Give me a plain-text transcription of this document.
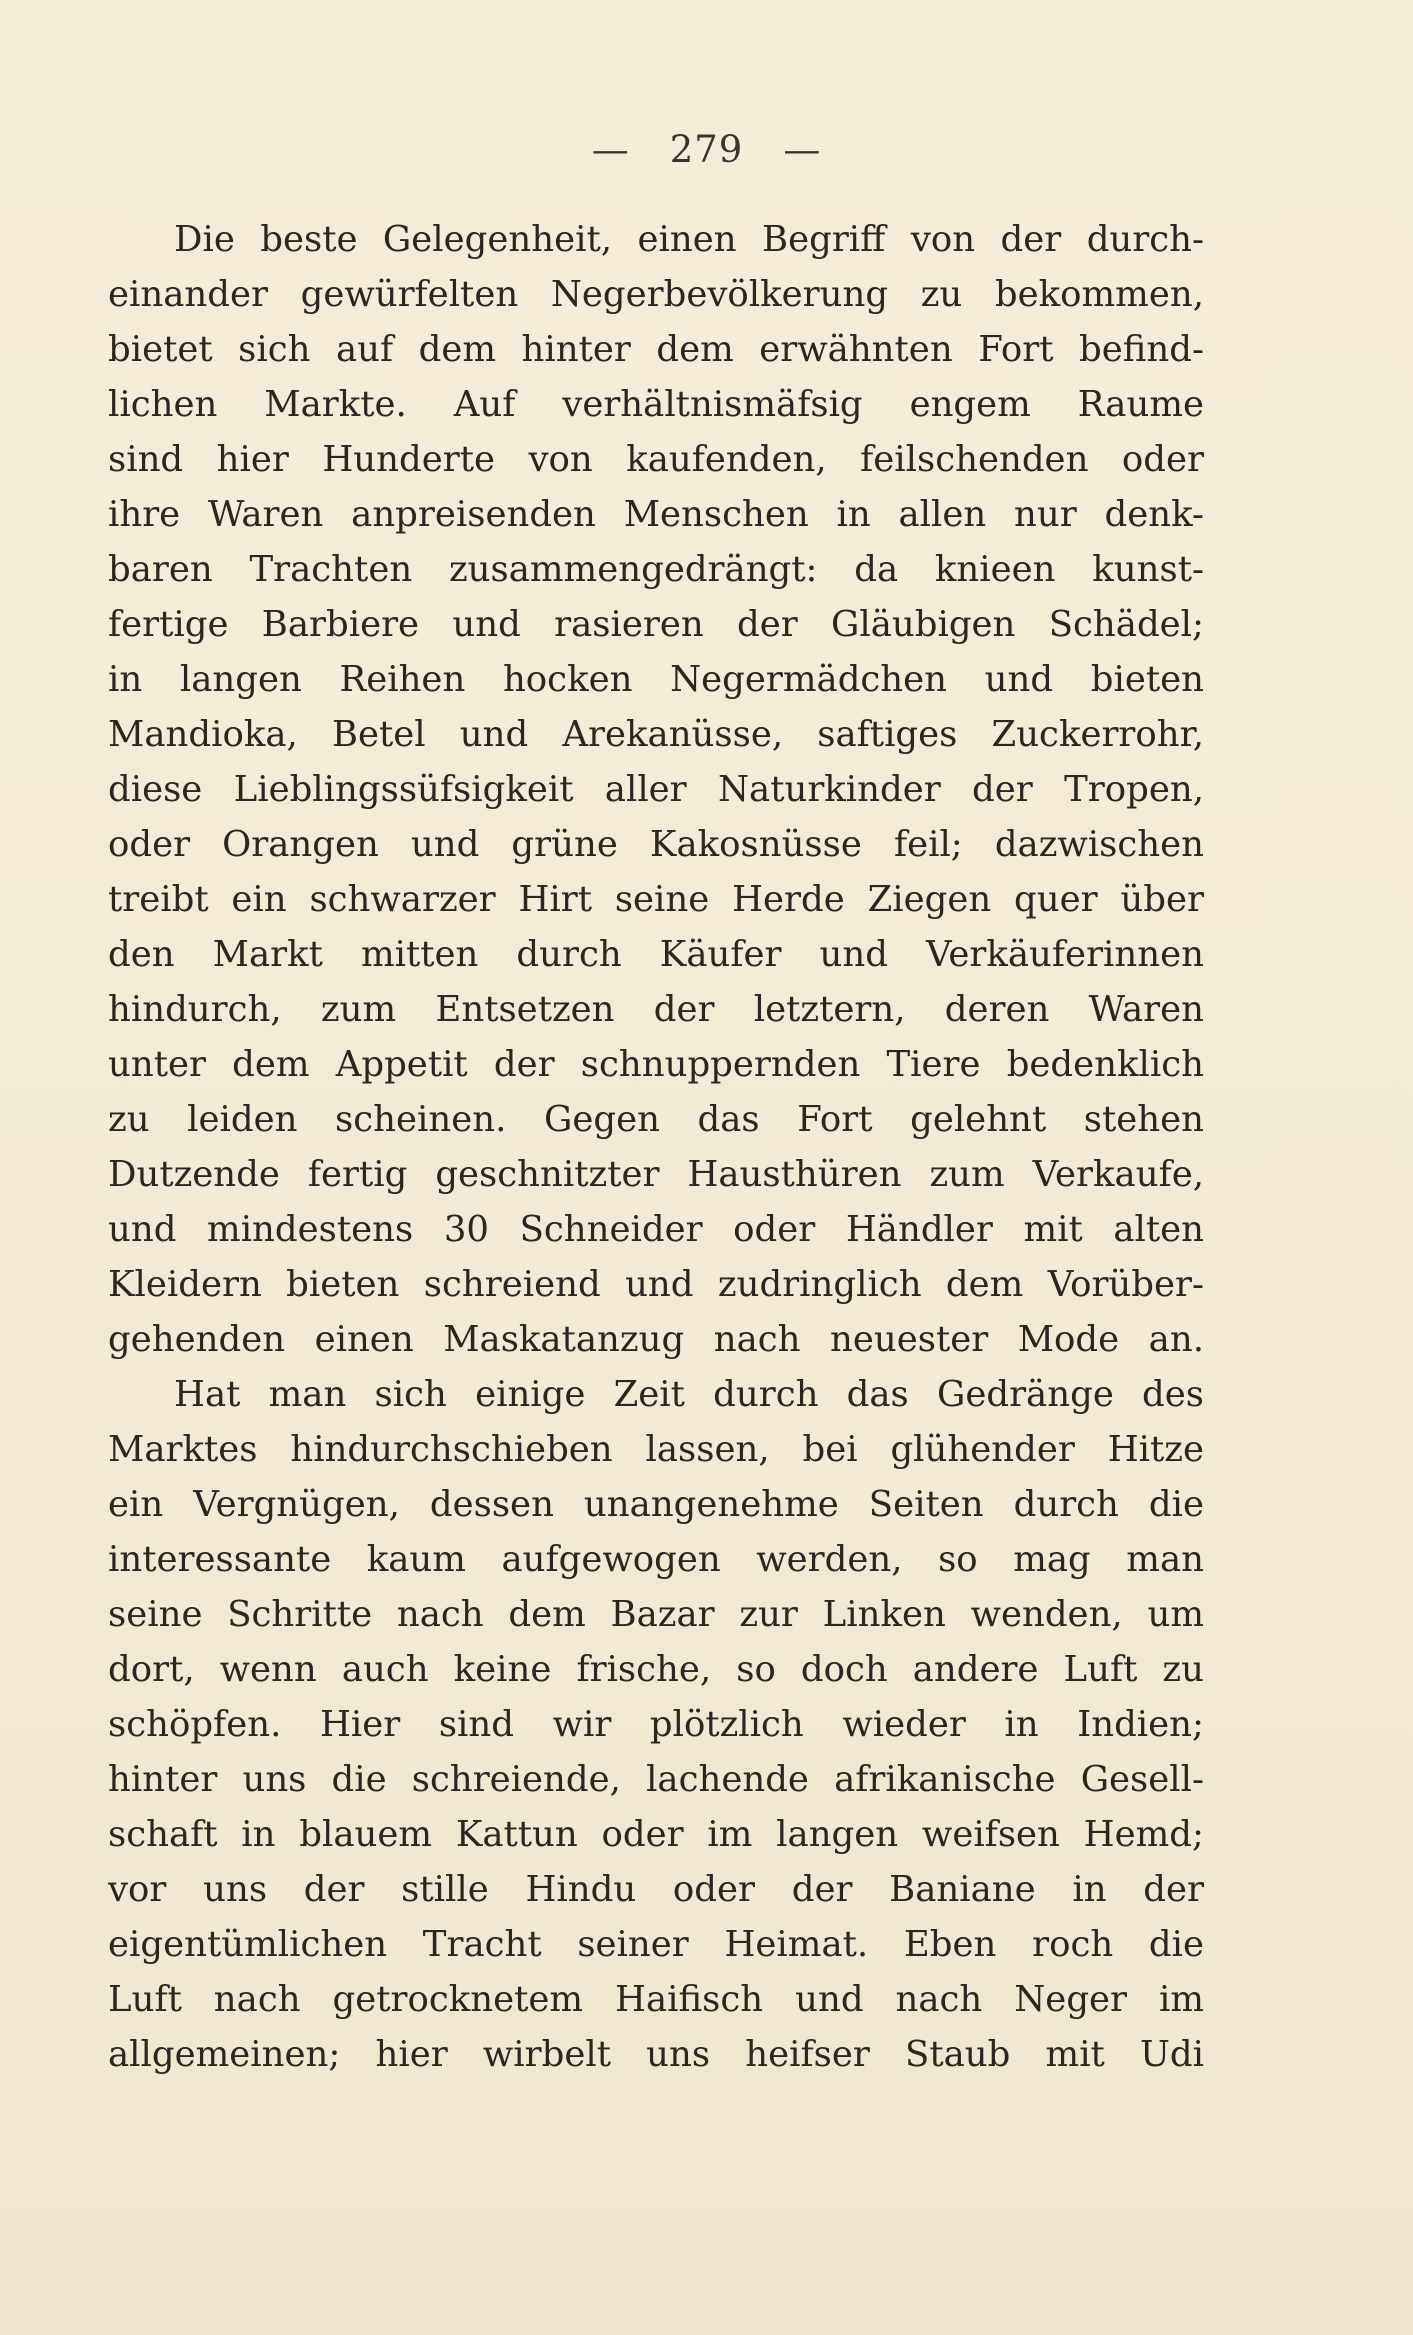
— 279 —
Die beste Gelegenheit, einen Begriff von der durch-
einander gewürfelten Negerbevölkerung zu bekommen,
bietet sich auf dem hinter dem erwähnten Fort befind-
lichen Markte. Auf verhältnismäfsig engem Raume
sind hier Hunderte von kaufenden, feilschenden oder
ihre Waren anpreisenden Menschen in allen nur denk-
baren Trachten zusammengedrängt: da knieen kunst-
fertige Barbiere und rasieren der Gläubigen Schädel;
in langen Reihen hocken Negermädchen und bieten
Mandioka, Betel und Arekanüsse, saftiges Zuckerrohr,
diese Lieblingssüfsigkeit aller Naturkinder der Tropen,
oder Orangen und grüne Kakosnüsse feil; dazwischen
treibt ein schwarzer Hirt seine Herde Ziegen quer über
den Markt mitten durch Käufer und Verkäuferinnen
hindurch, zum Entsetzen der letztern, deren Waren
unter dem Appetit der schnuppernden Tiere bedenklich
zu leiden scheinen. Gegen das Fort gelehnt stehen
Dutzende fertig geschnitzter Hausthüren zum Verkaufe,
und mindestens 30 Schneider oder Händler mit alten
Kleidern bieten schreiend und zudringlich dem Vorüber-
gehenden einen Maskatanzug nach neuester Mode an.
Hat man sich einige Zeit durch das Gedränge des
Marktes hindurchschieben lassen, bei glühender Hitze
ein Vergnügen, dessen unangenehme Seiten durch die
interessante kaum aufgewogen werden, so mag man
seine Schritte nach dem Bazar zur Linken wenden, um
dort, wenn auch keine frische, so doch andere Luft zu
schöpfen. Hier sind wir plötzlich wieder in Indien;
hinter uns die schreiende, lachende afrikanische Gesell-
schaft in blauem Kattun oder im langen weifsen Hemd;
vor uns der stille Hindu oder der Baniane in der
eigentümlichen Tracht seiner Heimat. Eben roch die
Luft nach getrocknetem Haifisch und nach Neger im
allgemeinen; hier wirbelt uns heifser Staub mit Udi
